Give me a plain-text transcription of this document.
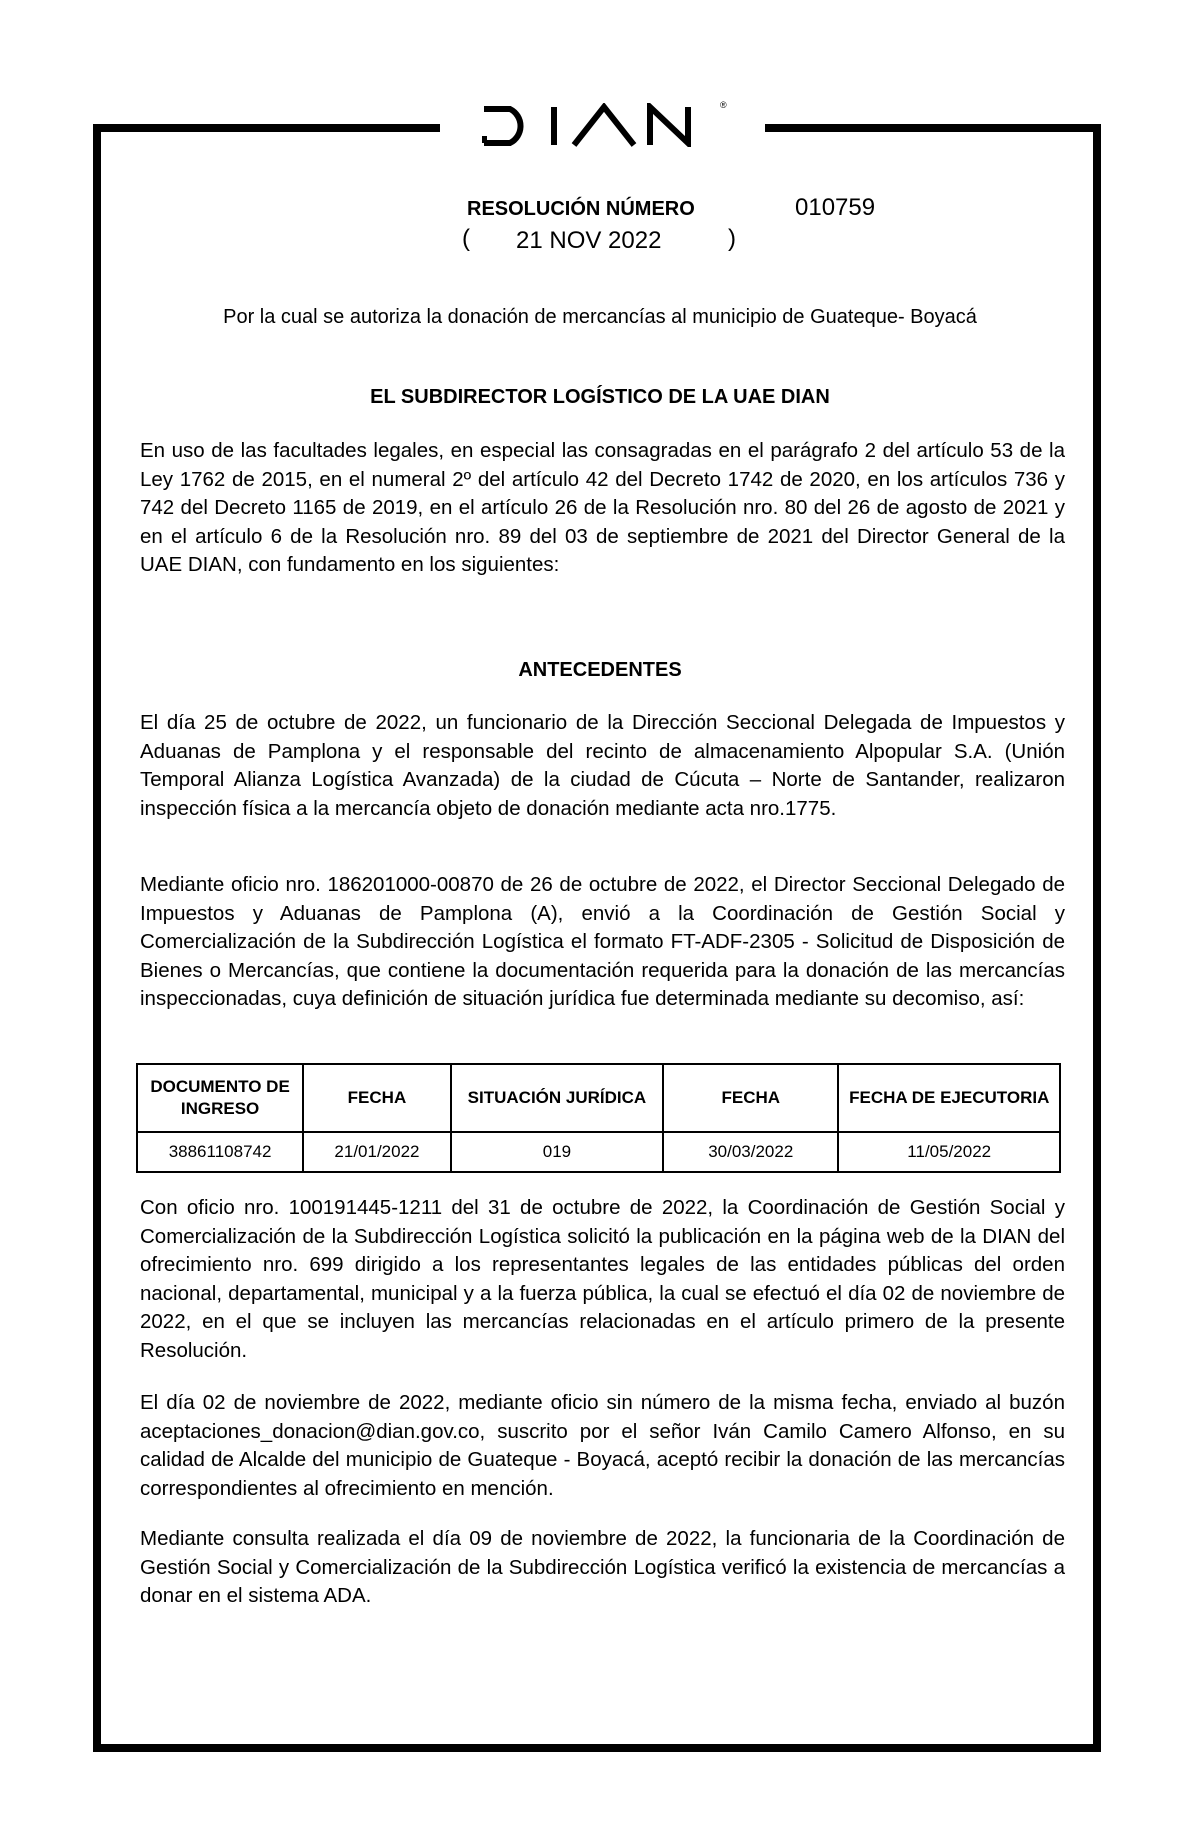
®
RESOLUCIÓN NÚMERO	010759
( 21 NOV 2022	)
Por la cual se autoriza la donación de mercancías al municipio de Guateque- Boyacá
EL SUBDIRECTOR LOGÍSTICO DE LA UAE DIAN

En uso de las facultades legales, en especial las consagradas en el parágrafo 2 del artículo 53 de la Ley 1762 de 2015, en el numeral 2º del artículo 42 del Decreto 1742 de 2020, en los artículos 736 y 742 del Decreto 1165 de 2019, en el artículo 26 de la Resolución nro. 80 del 26 de agosto de 2021 y en el artículo 6 de la Resolución nro. 89 del 03 de septiembre de 2021 del Director General de la UAE DIAN, con fundamento en los siguientes:

ANTECEDENTES

El día 25 de octubre de 2022, un funcionario de la Dirección Seccional Delegada de Impuestos y Aduanas de Pamplona y el responsable del recinto de almacenamiento Alpopular S.A. (Unión Temporal Alianza Logística Avanzada) de la ciudad de Cúcuta – Norte de Santander, realizaron inspección física a la mercancía objeto de donación mediante acta nro.1775.

Mediante oficio nro. 186201000-00870 de 26 de octubre de 2022, el Director Seccional Delegado de Impuestos y Aduanas de Pamplona (A), envió a la Coordinación de Gestión Social y Comercialización de la Subdirección Logística el formato FT-ADF-2305 - Solicitud de Disposición de Bienes o Mercancías, que contiene la documentación requerida para la donación de las mercancías inspeccionadas, cuya definición de situación jurídica fue determinada mediante su decomiso, así:

DOCUMENTO DE INGRESO	FECHA	SITUACIÓN JURÍDICA	FECHA	FECHA DE EJECUTORIA
38861108742	21/01/2022	019	30/03/2022	11/05/2022

Con oficio nro. 100191445-1211 del 31 de octubre de 2022, la Coordinación de Gestión Social y Comercialización de la Subdirección Logística solicitó la publicación en la página web de la DIAN del ofrecimiento nro. 699 dirigido a los representantes legales de las entidades públicas del orden nacional, departamental, municipal y a la fuerza pública, la cual se efectuó el día 02 de noviembre de 2022, en el que se incluyen las mercancías relacionadas en el artículo primero de la presente Resolución.

El día 02 de noviembre de 2022, mediante oficio sin número de la misma fecha, enviado al buzón aceptaciones_donacion@dian.gov.co, suscrito por el señor Iván Camilo Camero Alfonso, en su calidad de Alcalde del municipio de Guateque - Boyacá, aceptó recibir la donación de las mercancías correspondientes al ofrecimiento en mención.

Mediante consulta realizada el día 09 de noviembre de 2022, la funcionaria de la Coordinación de Gestión Social y Comercialización de la Subdirección Logística verificó la existencia de mercancías a donar en el sistema ADA.
